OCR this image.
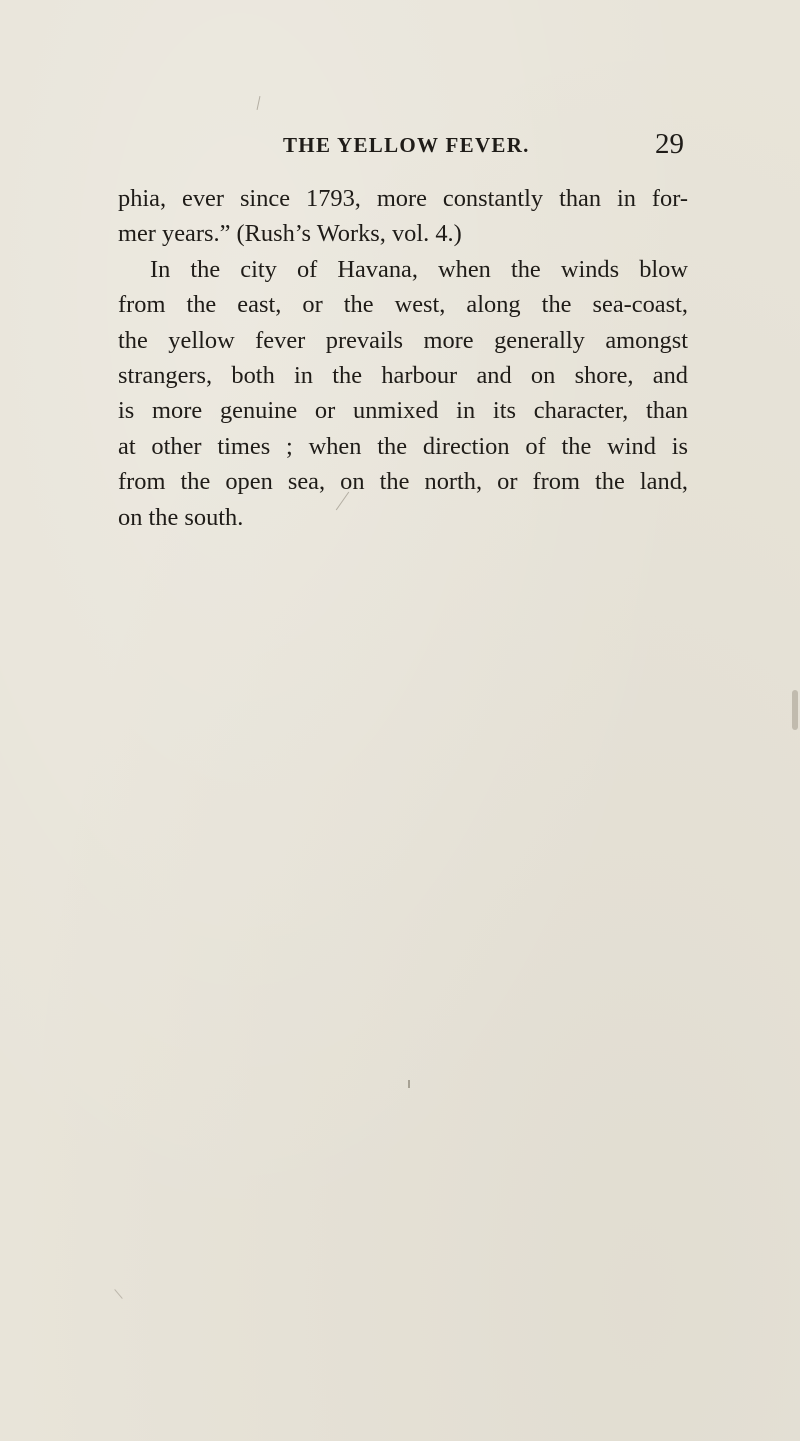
THE YELLOW FEVER.	29
phia, ever since 1793, more constantly than in for-
mer years.” (Rush’s Works, vol. 4.)
In the city of Havana, when the winds blow
from the east, or the west, along the sea-coast,
the yellow fever prevails more generally amongst
strangers, both in the harbour and on shore, and
is more genuine or unmixed in its character, than
at other times ; when the direction of the wind is
from the open sea, on the north, or from the land,
on the south.
